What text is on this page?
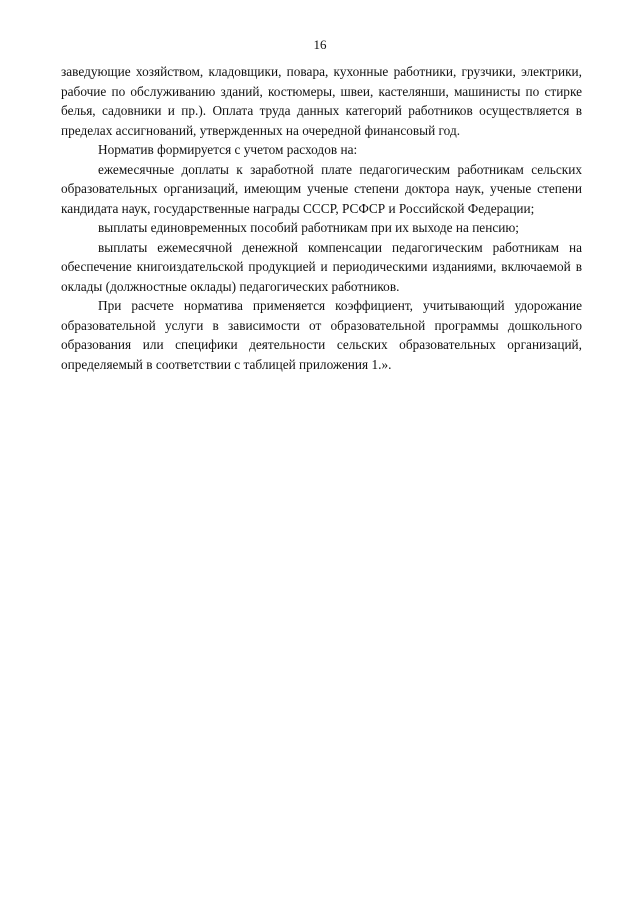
16

заведующие хозяйством, кладовщики, повара, кухонные работники, грузчики, электрики, рабочие по обслуживанию зданий, костюмеры, швеи, кастелянши, машинисты по стирке белья, садовники и пр.). Оплата труда данных категорий работников осуществляется в пределах ассигнований, утвержденных на очередной финансовый год.

Норматив формируется с учетом расходов на:

ежемесячные доплаты к заработной плате педагогическим работникам сельских образовательных организаций, имеющим ученые степени доктора наук, ученые степени кандидата наук, государственные награды СССР, РСФСР и Российской Федерации;

выплаты единовременных пособий работникам при их выходе на пенсию;

выплаты ежемесячной денежной компенсации педагогическим работникам на обеспечение книгоиздательской продукцией и периодическими изданиями, включаемой в оклады (должностные оклады) педагогических работников.

При расчете норматива применяется коэффициент, учитывающий удорожание образовательной услуги в зависимости от образовательной программы дошкольного образования или специфики деятельности сельских образовательных организаций, определяемый в соответствии с таблицей приложения 1.».
